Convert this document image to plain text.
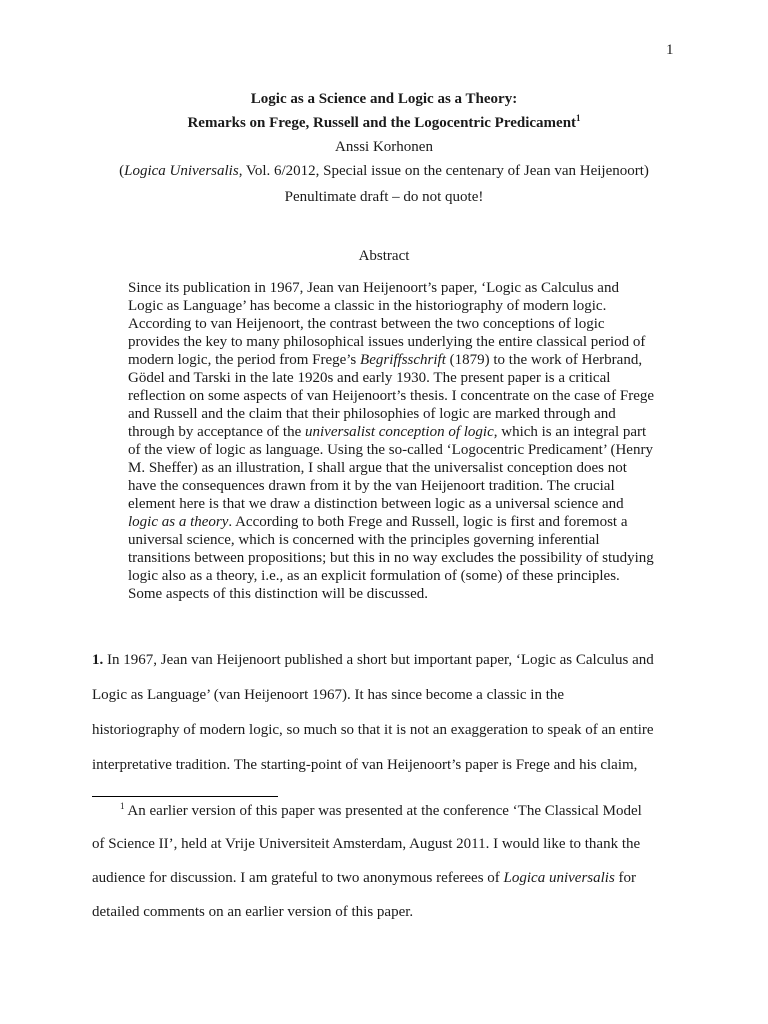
1
Logic as a Science and Logic as a Theory:
Remarks on Frege, Russell and the Logocentric Predicament$^1$
Anssi Korhonen
(Logica Universalis, Vol. 6/2012, Special issue on the centenary of Jean van Heijenoort)
Penultimate draft – do not quote!
Abstract
Since its publication in 1967, Jean van Heijenoort’s paper, ‘Logic as Calculus and
Logic as Language’ has become a classic in the historiography of modern logic.
According to van Heijenoort, the contrast between the two conceptions of logic
provides the key to many philosophical issues underlying the entire classical period of
modern logic, the period from Frege’s Begriffsschrift (1879) to the work of Herbrand,
Gödel and Tarski in the late 1920s and early 1930. The present paper is a critical
reflection on some aspects of van Heijenoort’s thesis. I concentrate on the case of Frege
and Russell and the claim that their philosophies of logic are marked through and
through by acceptance of the universalist conception of logic, which is an integral part
of the view of logic as language. Using the so-called ‘Logocentric Predicament’ (Henry
M. Sheffer) as an illustration, I shall argue that the universalist conception does not
have the consequences drawn from it by the van Heijenoort tradition. The crucial
element here is that we draw a distinction between logic as a universal science and
logic as a theory. According to both Frege and Russell, logic is first and foremost a
universal science, which is concerned with the principles governing inferential
transitions between propositions; but this in no way excludes the possibility of studying
logic also as a theory, i.e., as an explicit formulation of (some) of these principles.
Some aspects of this distinction will be discussed.
1. In 1967, Jean van Heijenoort published a short but important paper, ‘Logic as Calculus and
Logic as Language’ (van Heijenoort 1967). It has since become a classic in the
historiography of modern logic, so much so that it is not an exaggeration to speak of an entire
interpretative tradition. The starting-point of van Heijenoort’s paper is Frege and his claim,
$^1$ An earlier version of this paper was presented at the conference ‘The Classical Model
of Science II’, held at Vrije Universiteit Amsterdam, August 2011. I would like to thank the
audience for discussion. I am grateful to two anonymous referees of Logica universalis for
detailed comments on an earlier version of this paper.
